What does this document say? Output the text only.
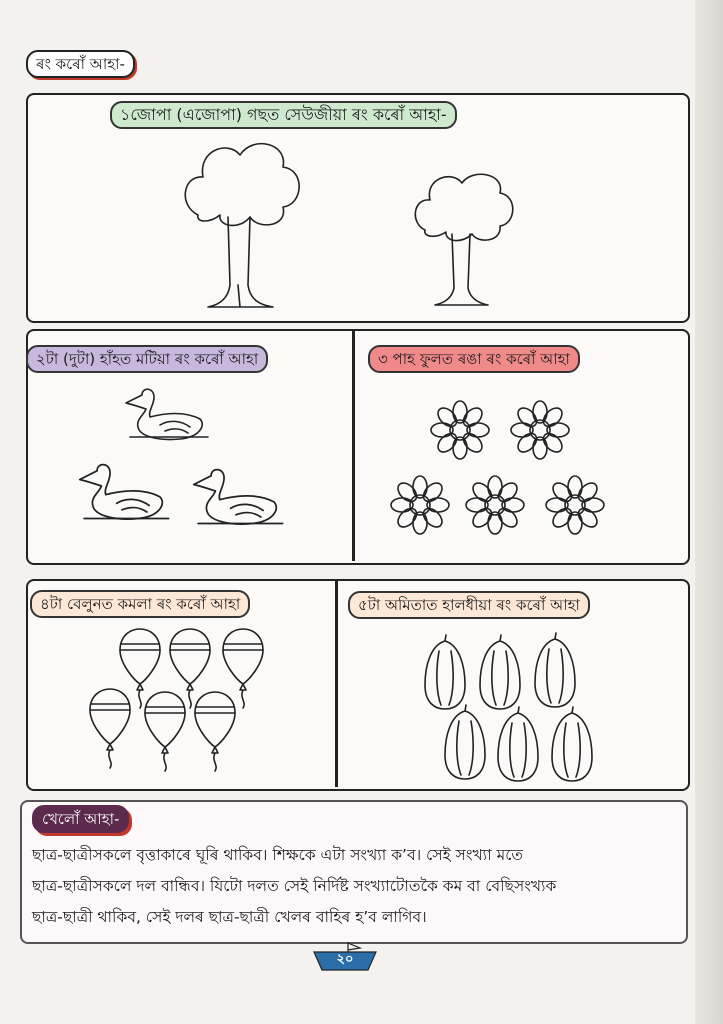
ৰং কৰোঁ আহা-
১জোপা (এজোপা) গছত সেউজীয়া ৰং কৰোঁ আহা-
২টা (দুটা) হাঁহত মটিয়া ৰং কৰোঁ আহা	৩ পাহ ফুলত ৰঙা ৰং কৰোঁ আহা
৪টা বেলুনত কমলা ৰং কৰোঁ আহা	৫টা অমিতাত হালধীয়া ৰং কৰোঁ আহা
খেলোঁ আহা-

ছাত্ৰ-ছাত্ৰীসকলে বৃত্তাকাৰে ঘূৰি থাকিব। শিক্ষকে এটা সংখ্যা ক’ব। সেই সংখ্যা মতে

ছাত্ৰ-ছাত্ৰীসকলে দল বান্ধিব। যিটো দলত সেই নিৰ্দিষ্ট সংখ্যাটোতকৈ কম বা বেছিসংখ্যক

ছাত্ৰ-ছাত্ৰী থাকিব, সেই দলৰ ছাত্ৰ-ছাত্ৰী খেলৰ বাহিৰ হ’ব লাগিব।

২০
